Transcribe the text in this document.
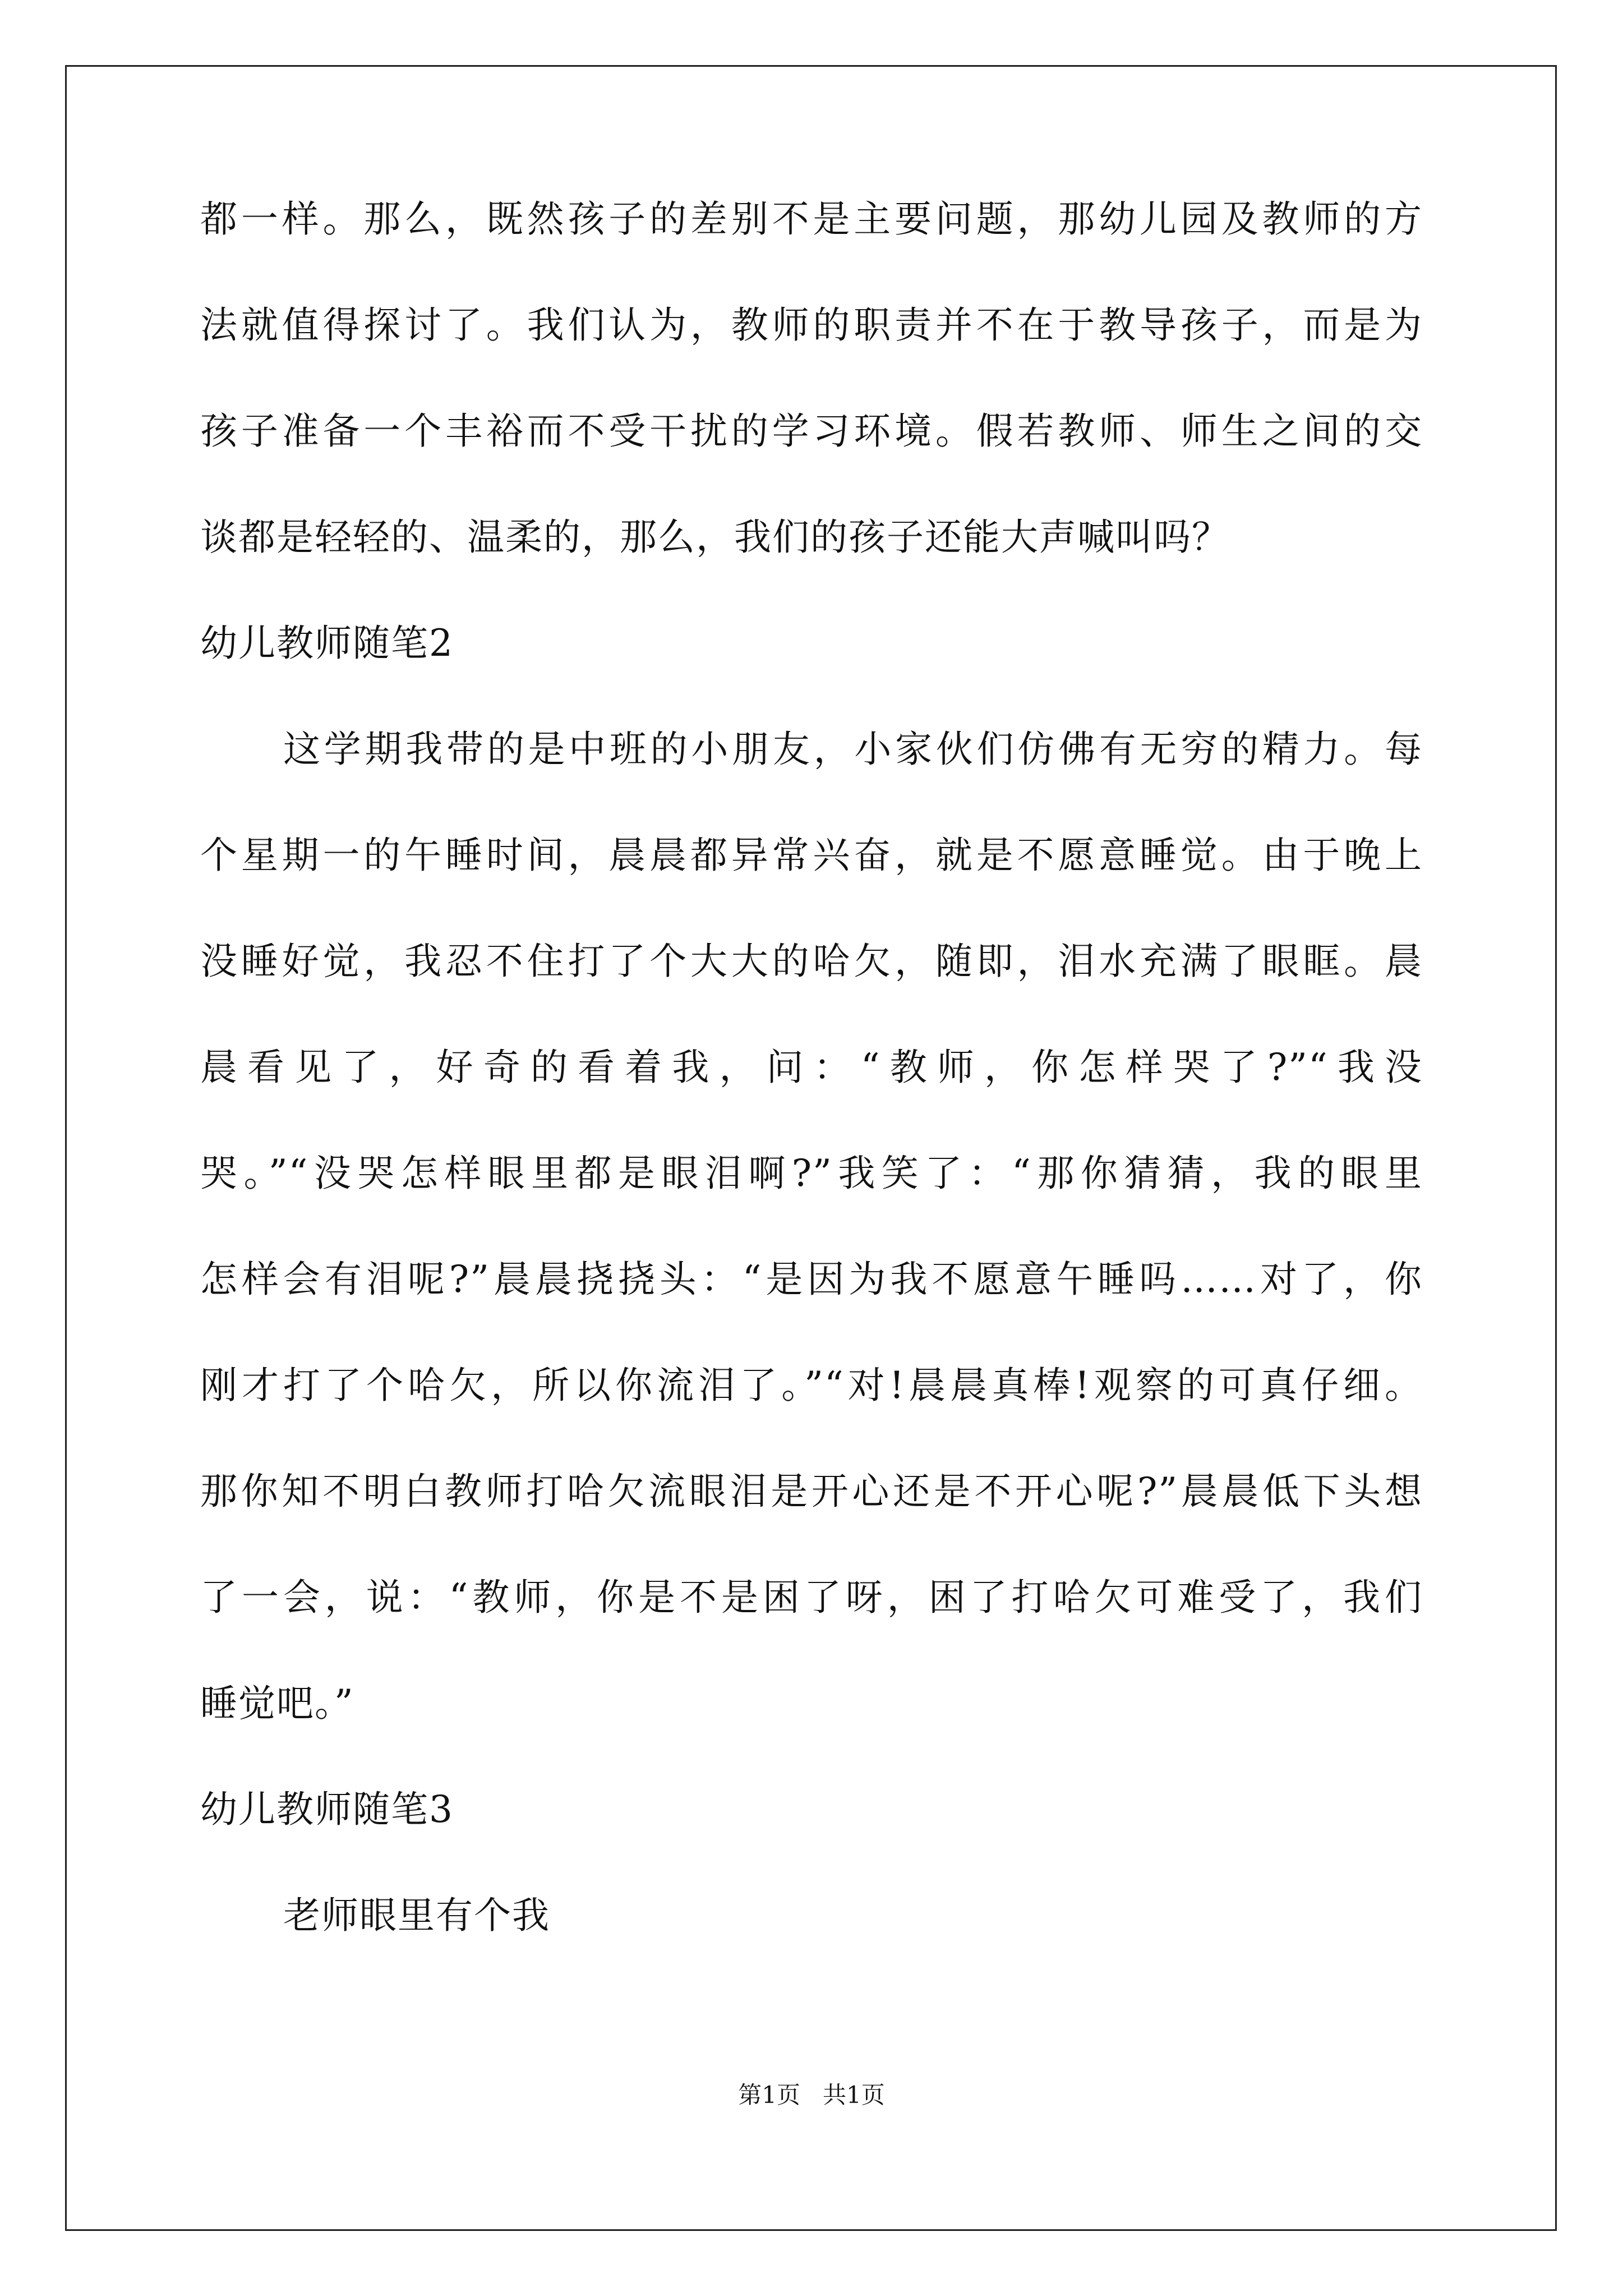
都一样。那么，既然孩子的差别不是主要问题，那幼儿园及教师的方
法就值得探讨了。我们认为，教师的职责并不在于教导孩子，而是为
孩子准备一个丰裕而不受干扰的学习环境。假若教师、师生之间的交
谈都是轻轻的、温柔的，那么，我们的孩子还能大声喊叫吗？
幼儿教师随笔2
这学期我带的是中班的小朋友，小家伙们仿佛有无穷的精力。每
个星期一的午睡时间，晨晨都异常兴奋，就是不愿意睡觉。由于晚上
没睡好觉，我忍不住打了个大大的哈欠，随即，泪水充满了眼眶。晨
晨看见了，好奇的看着我，问：“教师，你怎样哭了?”“我没
哭。”“没哭怎样眼里都是眼泪啊?”我笑了：“那你猜猜，我的眼里
怎样会有泪呢?”晨晨挠挠头：“是因为我不愿意午睡吗……对了，你
刚才打了个哈欠，所以你流泪了。”“对!晨晨真棒!观察的可真仔细。
那你知不明白教师打哈欠流眼泪是开心还是不开心呢?”晨晨低下头想
了一会，说：“教师，你是不是困了呀，困了打哈欠可难受了，我们
睡觉吧。”
幼儿教师随笔3
老师眼里有个我
第1页   共1页
